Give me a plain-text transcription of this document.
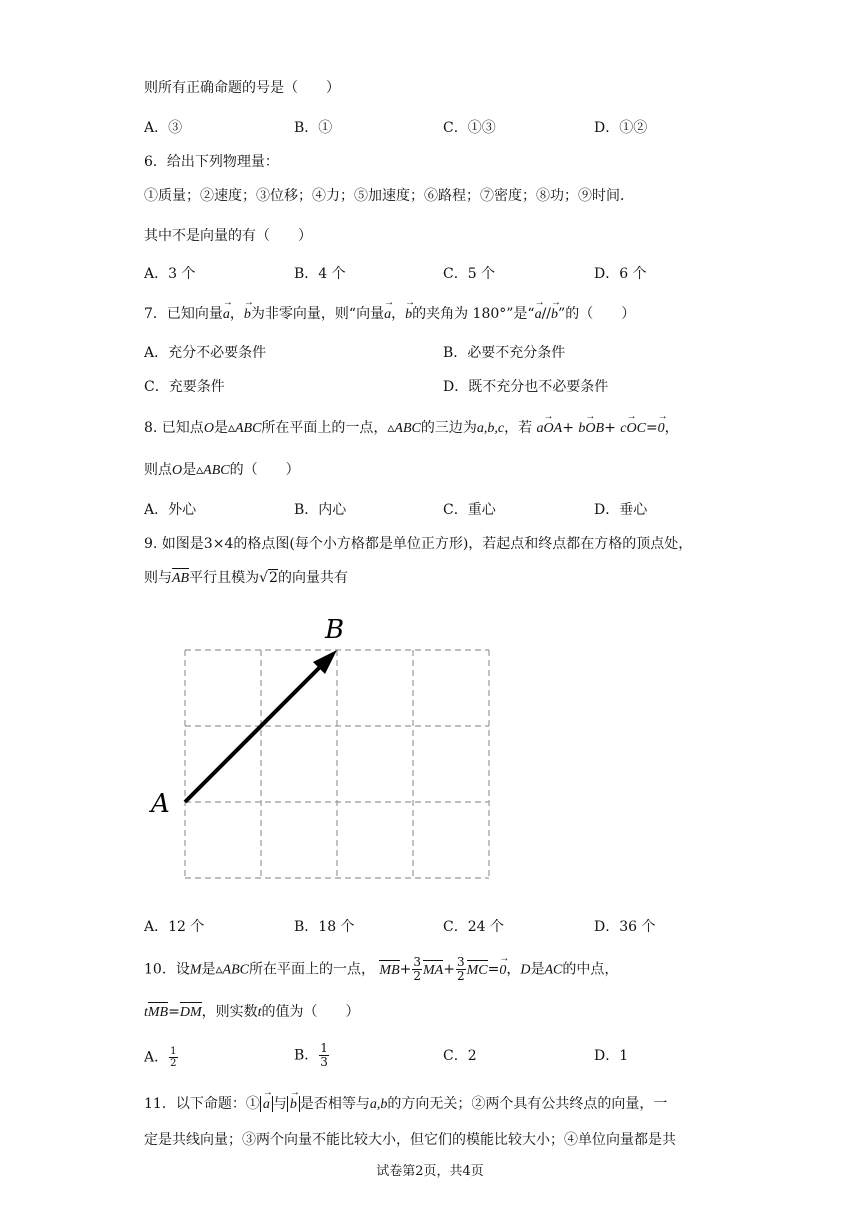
则所有正确命题的号是（　　）
A．③	B．①	C．①③	D．①②
6．给出下列物理量：
①质量；②速度；③位移；④力；⑤加速度；⑥路程；⑦密度；⑧功；⑨时间．
其中不是向量的有（　　）
A．3 个	B．4 个	C．5 个	D．6 个
7．已知向量a →，b →为非零向量，则“向量a →，b →的夹角为 180°”是“a →//b →”的（　　）
A．充分不必要条件	B．必要不充分条件
C．充要条件	D．既不充分也不必要条件
8. 已知点O是▵ABC所在平面上的一点，▵ABC的三边为a,b,c，若 aOA →+ bOB →+ cOC →=0 →，
则点O是▵ABC的（　　）
A．外心	B．内心	C．重心	D．垂心
9. 如图是3×4的格点图(每个小方格都是单位正方形)，若起点和终点都在方格的顶点处，
则与AB平行且模为√2的向量共有
A
B
A．12 个	B．18 个	C．24 个	D．36 个
10．设M是▵ABC所在平面上的一点， $MB+ \frac{3}{2} MA+ \frac{3}{2} MC=0$ →，D是AC的中点，
tMB=DM，则实数t的值为（　　）
A． $\frac{1}{2}$	B． $\frac{1}{3}$	C．2	D．1
11．以下命题：① a → 与 b → 是否相等与a,b的方向无关；②两个具有公共终点的向量，一
定是共线向量；③两个向量不能比较大小，但它们的模能比较大小；④单位向量都是共
试卷第2页，共4页
